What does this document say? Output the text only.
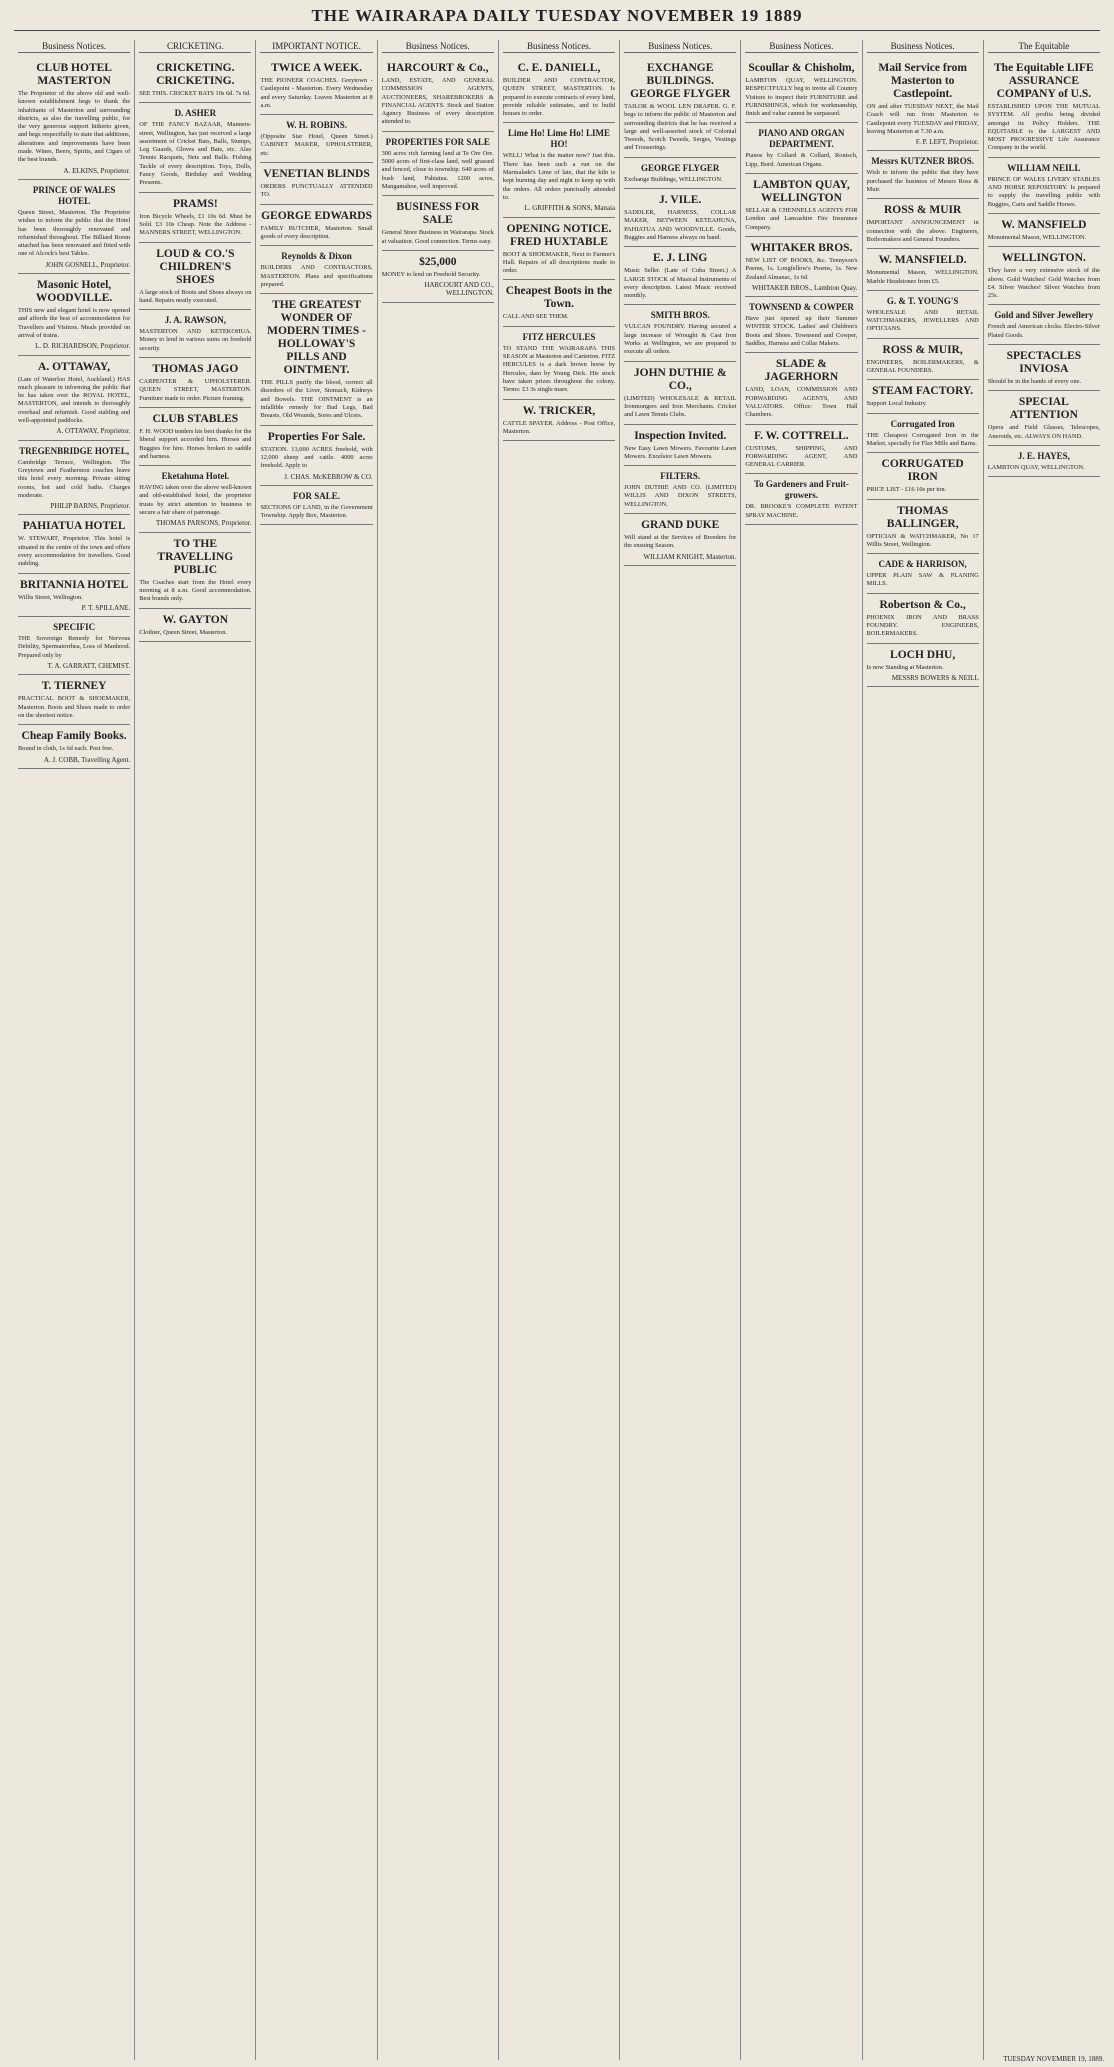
THE WAIRARAPA DAILY TUESDAY NOVEMBER 19 1889
Business Notices.
CLUB HOTEL MASTERTON
The Proprietor of the above old and well-known establishment begs to thank the inhabitants of Masterton and surrounding districts, as also the travelling public, for the very generous support hitherto given, and begs respectfully to state that additions, alterations and improvements have been made. Wines, Beers, Spirits, and Cigars of the best brands.
A. ELKINS, Proprietor.
PRINCE OF WALES HOTEL
Queen Street, Masterton. The Proprietor wishes to inform the public that the Hotel has been thoroughly renovated and refurnished throughout. The Billiard Room attached has been renovated and fitted with one of Alcock's best Tables.
JOHN GOSNELL, Proprietor.
Masonic Hotel, WOODVILLE.
THIS new and elegant hotel is now opened and affords the best of accommodation for Travellers and Visitors. Meals provided on arrival of trains.
L. D. RICHARDSON, Proprietor.
A. OTTAWAY,
(Late of Waterloo Hotel, Auckland.) HAS much pleasure in informing the public that he has taken over the ROYAL HOTEL, MASTERTON, and intends to thoroughly overhaul and refurnish. Good stabling and well-appointed paddocks.
A. OTTAWAY, Proprietor.
TREGENBRIDGE HOTEL,
Cambridge Terrace, Wellington. The Greytown and Featherston coaches leave this hotel every morning. Private sitting rooms, hot and cold baths. Charges moderate.
PHILIP BARNS, Proprietor.
PAHIATUA HOTEL
W. STEWART, Proprietor. This hotel is situated in the centre of the town and offers every accommodation for travellers. Good stabling.
BRITANNIA HOTEL
Willis Street, Wellington.
P. T. SPILLANE.
SPECIFIC
THE Sovereign Remedy for Nervous Debility, Spermatorrhea, Loss of Manhood. Prepared only by
T. A. GARRATT, CHEMIST.
T. TIERNEY
PRACTICAL BOOT & SHOEMAKER, Masterton. Boots and Shoes made to order on the shortest notice.
Cheap Family Books.
Bound in cloth, 1s 6d each. Post free.
A. J. COBB, Travelling Agent.
CRICKETING.
CRICKETING. CRICKETING.
SEE THIS. CRICKET BATS 10s 6d. 7s 6d.
D. ASHER
OF THE FANCY BAZAAR, Manners-street, Wellington, has just received a large assortment of Cricket Bats, Balls, Stumps, Leg Guards, Gloves and Bats, etc. Also Tennis Racquets, Nets and Balls. Fishing Tackle of every description. Toys, Dolls, Fancy Goods, Birthday and Wedding Presents.
PRAMS!
Iron Bicycle Wheels, £1 10s 6d. Must be Sold. £3 10s Cheap. Note the Address - MANNERS STREET, WELLINGTON.
LOUD & CO.'S CHILDREN'S SHOES
A large stock of Boots and Shoes always on hand. Repairs neatly executed.
J. A. RAWSON,
MASTERTON AND KETEKOHUA. Money to lend in various sums on freehold security.
THOMAS JAGO
CARPENTER & UPHOLSTERER. QUEEN STREET, MASTERTON. Furniture made to order. Picture framing.
CLUB STABLES
F. H. WOOD tenders his best thanks for the liberal support accorded him. Horses and Buggies for hire. Horses broken to saddle and harness.
Eketahuna Hotel.
HAVING taken over the above well-known and old-established hotel, the proprietor trusts by strict attention to business to secure a fair share of patronage.
THOMAS PARSONS, Proprietor.
TO THE TRAVELLING PUBLIC
The Coaches start from the Hotel every morning at 8 a.m. Good accommodation. Best brands only.
W. GAYTON
Clothier, Queen Street, Masterton.
IMPORTANT NOTICE.
TWICE A WEEK.
THE PIONEER COACHES. Greytown - Castlepoint - Masterton. Every Wednesday and every Saturday. Leaves Masterton at 8 a.m.
W. H. ROBINS.
(Opposite Star Hotel, Queen Street.) CABINET MAKER, UPHOLSTERER, etc.
VENETIAN BLINDS
ORDERS PUNCTUALLY ATTENDED TO.
GEORGE EDWARDS
FAMILY BUTCHER, Masterton. Small goods of every description.
Reynolds & Dixon
BUILDERS AND CONTRACTORS, MASTERTON. Plans and specifications prepared.
THE GREATEST WONDER OF MODERN TIMES - HOLLOWAY'S PILLS AND OINTMENT.
THE PILLS purify the blood, correct all disorders of the Liver, Stomach, Kidneys and Bowels. THE OINTMENT is an infallible remedy for Bad Legs, Bad Breasts, Old Wounds, Sores and Ulcers.
Properties For Sale.
STATION. 13,000 ACRES freehold, with 12,000 sheep and cattle. 4000 acres freehold. Apply to
J. CHAS. McKEBROW & CO.
FOR SALE.
SECTIONS OF LAND, in the Government Township. Apply Box, Masterton.
Business Notices.
HARCOURT & Co.,
LAND, ESTATE, AND GENERAL COMMISSION AGENTS, AUCTIONEERS, SHAREBROKERS & FINANCIAL AGENTS. Stock and Station Agency Business of every description attended to.
PROPERTIES FOR SALE
300 acres rich farming land at Te Ore Ore. 5000 acres of first-class land, well grassed and fenced, close to township. 640 acres of bush land, Pahiatua. 1200 acres, Mangamahoe, well improved.
BUSINESS FOR SALE
General Store Business in Wairarapa. Stock at valuation. Good connection. Terms easy.
$25,000
MONEY to lend on Freehold Security.
HARCOURT AND CO., WELLINGTON.
Business Notices.
C. E. DANIELL,
BUILDER AND CONTRACTOR, QUEEN STREET, MASTERTON. Is prepared to execute contracts of every kind, provide reliable estimates, and to build houses to order.
Lime Ho! Lime Ho! LIME HO!
WELL! What is the matter now? Just this. There has been such a run on the Marmalade's Lime of late, that the kiln is kept burning day and night to keep up with the orders. All orders punctually attended to.
L. GRIFFITH & SONS, Manaia
OPENING NOTICE. FRED HUXTABLE
BOOT & SHOEMAKER, Next to Farmer's Hall. Repairs of all descriptions made to order.
Cheapest Boots in the Town.
CALL AND SEE THEM.
FITZ HERCULES
TO STAND THE WAIRARAPA THIS SEASON at Masterton and Carterton. FITZ HERCULES is a dark brown horse by Hercules, dam by Young Dick. His stock have taken prizes throughout the colony. Terms: £3 3s single mare.
W. TRICKER,
CATTLE SPAYER. Address - Post Office, Masterton.
Business Notices.
EXCHANGE BUILDINGS. GEORGE FLYGER
TAILOR & WOOL LEN DRAPER. G. F. begs to inform the public of Masterton and surrounding districts that he has received a large and well-assorted stock of Colonial Tweeds, Scotch Tweeds, Serges, Vestings and Trouserings.
GEORGE FLYGER
Exchange Buildings, WELLINGTON.
J. VILE.
SADDLER, HARNESS, COLLAR MAKER, BETWEEN KETEAHUNA, PAHIATUA AND WOODVILLE. Goods, Buggies and Harness always on hand.
E. J. LING
Music Seller. (Late of Cuba Street.) A LARGE STOCK of Musical Instruments of every description. Latest Music received monthly.
SMITH BROS.
VULCAN FOUNDRY. Having secured a large increase of Wrought & Cast Iron Works at Wellington, we are prepared to execute all orders.
JOHN DUTHIE & CO.,
(LIMITED) WHOLESALE & RETAIL Ironmongers and Iron Merchants. Cricket and Lawn Tennis Clubs.
Inspection Invited.
New Easy Lawn Mowers. Favourite Lawn Mowers. Excelsior Lawn Mowers.
FILTERS.
JOHN DUTHIE AND CO. (LIMITED) WILLIS AND DIXON STREETS, WELLINGTON.
GRAND DUKE
Will stand at the Services of Breeders for the ensuing Season.
WILLIAM KNIGHT, Masterton.
Business Notices.
Scoullar & Chisholm,
LAMBTON QUAY, WELLINGTON. RESPECTFULLY beg to invite all Country Visitors to inspect their FURNITURE and FURNISHINGS, which for workmanship, finish and value cannot be surpassed.
PIANO AND ORGAN DEPARTMENT.
Pianos by Collard & Collard, Ronisch, Lipp, Bord. American Organs.
LAMBTON QUAY, WELLINGTON
SELLAR & CHENNELLS AGENTS FOR London and Lancashire Fire Insurance Company.
WHITAKER BROS.
NEW LIST OF BOOKS, &c. Tennyson's Poems, 1s. Longfellow's Poems, 1s. New Zealand Almanac, 1s 6d.
WHITAKER BROS., Lambton Quay.
TOWNSEND & COWPER
Have just opened up their Summer WINTER STOCK. Ladies' and Children's Boots and Shoes. Townsend and Cowper, Saddles, Harness and Collar Makers.
SLADE & JAGERHORN
LAND, LOAN, COMMISSION AND FORWARDING AGENTS, AND VALUATORS. Office: Town Hall Chambers.
F. W. COTTRELL.
CUSTOMS, SHIPPING, AND FORWARDING AGENT, AND GENERAL CARRIER.
To Gardeners and Fruit-growers.
DR. BROOKE'S COMPLETE PATENT SPRAY MACHINE.
Business Notices.
Mail Service from Masterton to Castlepoint.
ON and after TUESDAY NEXT, the Mail Coach will run from Masterton to Castlepoint every TUESDAY and FRIDAY, leaving Masterton at 7.30 a.m.
F. P. LEFT, Proprietor.
Messrs KUTZNER BROS.
Wish to inform the public that they have purchased the business of Messrs Ross & Muir.
ROSS & MUIR
IMPORTANT ANNOUNCEMENT in connection with the above. Engineers, Boilermakers and General Founders.
W. MANSFIELD.
Monumental Mason, WELLINGTON. Marble Headstones from £5.
G. & T. YOUNG'S
WHOLESALE AND RETAIL WATCHMAKERS, JEWELLERS AND OPTICIANS.
ROSS & MUIR,
ENGINEERS, BOILERMAKERS, & GENERAL FOUNDERS.
STEAM FACTORY.
Support Local Industry.
Corrugated Iron
THE Cheapest Corrugated Iron in the Market, specially for Flax Mills and Barns.
CORRUGATED IRON
PRICE LIST - £16 10s per ton.
THOMAS BALLINGER,
OPTICIAN & WATCHMAKER, No 17 Willis Street, Wellington.
CADE & HARRISON,
UPPER PLAIN SAW & PLANING MILLS.
Robertson & Co.,
PHOENIX IRON AND BRASS FOUNDRY. ENGINEERS, BOILERMAKERS.
LOCH DHU,
Is now Standing at Masterton.
MESSRS BOWERS & NEILL
The Equitable
The Equitable LIFE ASSURANCE COMPANY of U.S.
ESTABLISHED UPON THE MUTUAL SYSTEM. All profits being divided amongst its Policy Holders. THE EQUITABLE is the LARGEST AND MOST PROGRESSIVE Life Assurance Company in the world.
WILLIAM NEILL
PRINCE OF WALES LIVERY STABLES AND HORSE REPOSITORY. Is prepared to supply the travelling public with Buggies, Carts and Saddle Horses.
W. MANSFIELD
Monumental Mason, WELLINGTON.
WELLINGTON.
They have a very extensive stock of the above. Gold Watches! Gold Watches from £4. Silver Watches! Silver Watches from 25s.
Gold and Silver Jewellery
French and American clocks. Electro-Silver Plated Goods.
SPECTACLES INVIOSA
Should be in the hands of every one.
SPECIAL ATTENTION
Opera and Field Glasses, Telescopes, Aneroids, etc. ALWAYS ON HAND.
J. E. HAYES,
LAMBTON QUAY, WELLINGTON.
TUESDAY NOVEMBER 19, 1889.
